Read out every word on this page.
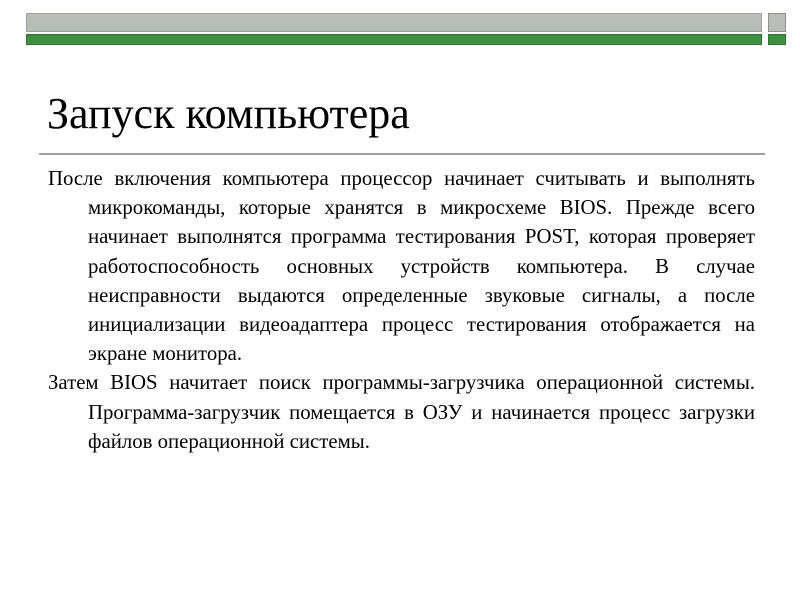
Запуск компьютера

После включения компьютера процессор начинает считывать и выполнять микрокоманды, которые хранятся в микросхеме BIOS. Прежде всего начинает выполнятся программа тестирования POST, которая проверяет работоспособность основных устройств компьютера. В случае неисправности выдаются определенные звуковые сигналы, а после инициализации видеоадаптера процесс тестирования отображается на экране монитора.

Затем BIOS начитает поиск программы-загрузчика операционной системы. Программа-загрузчик помещается в ОЗУ и начинается процесс загрузки файлов операционной системы.
